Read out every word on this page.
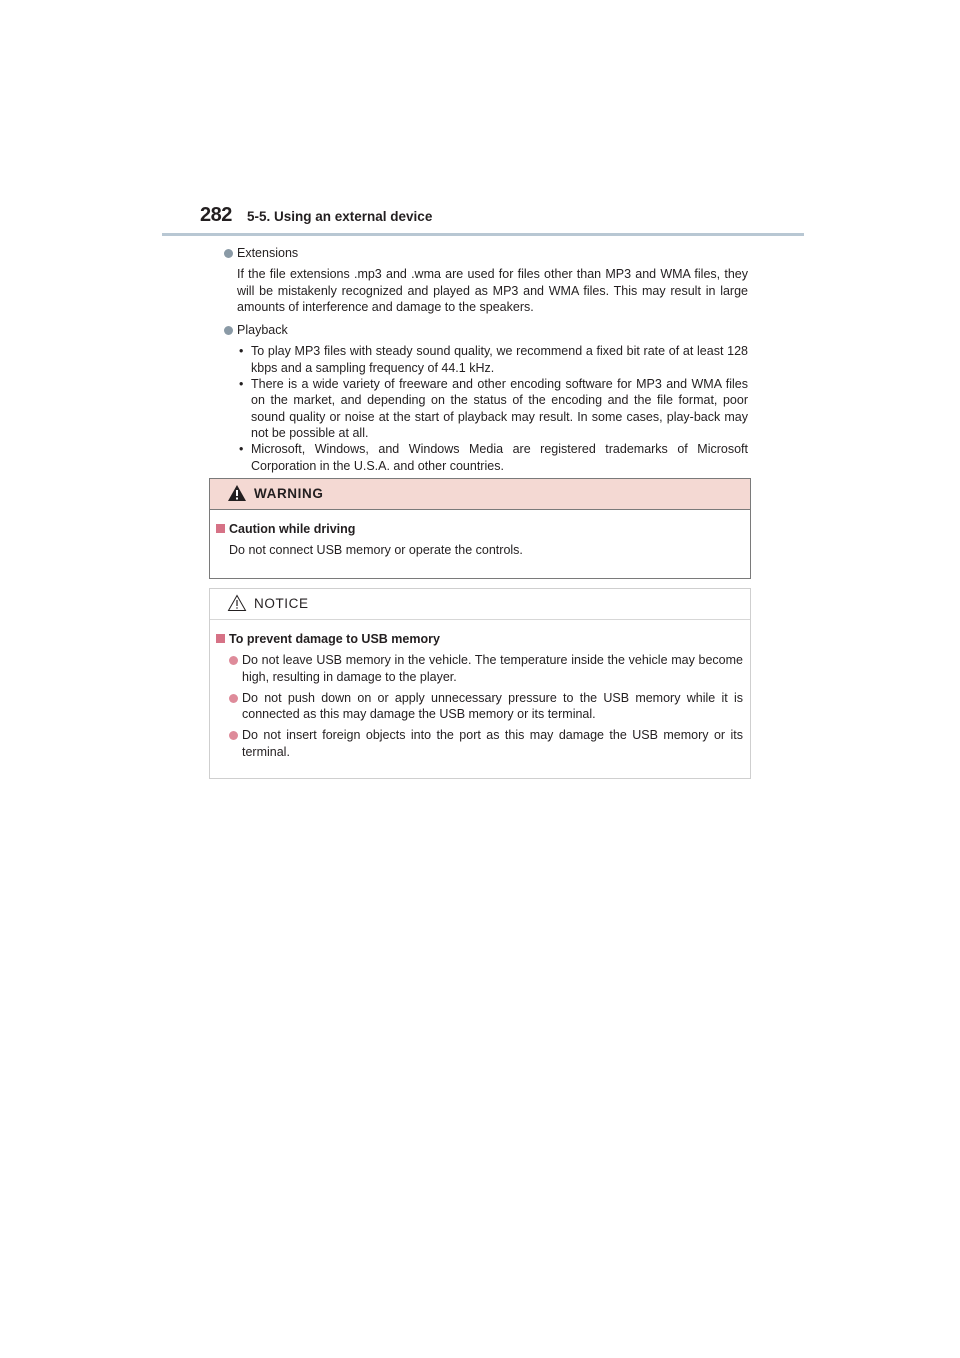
282 5-5. Using an external device
Extensions
If the file extensions .mp3 and .wma are used for files other than MP3 and WMA files, they will be mistakenly recognized and played as MP3 and WMA files. This may result in large amounts of interference and damage to the speakers.
Playback
• To play MP3 files with steady sound quality, we recommend a fixed bit rate of at least 128 kbps and a sampling frequency of 44.1 kHz.
• There is a wide variety of freeware and other encoding software for MP3 and WMA files on the market, and depending on the status of the encoding and the file format, poor sound quality or noise at the start of playback may result. In some cases, play-back may not be possible at all.
• Microsoft, Windows, and Windows Media are registered trademarks of Microsoft Corporation in the U.S.A. and other countries.
WARNING
Caution while driving
Do not connect USB memory or operate the controls.
NOTICE
To prevent damage to USB memory
Do not leave USB memory in the vehicle. The temperature inside the vehicle may become high, resulting in damage to the player.
Do not push down on or apply unnecessary pressure to the USB memory while it is connected as this may damage the USB memory or its terminal.
Do not insert foreign objects into the port as this may damage the USB memory or its terminal.
